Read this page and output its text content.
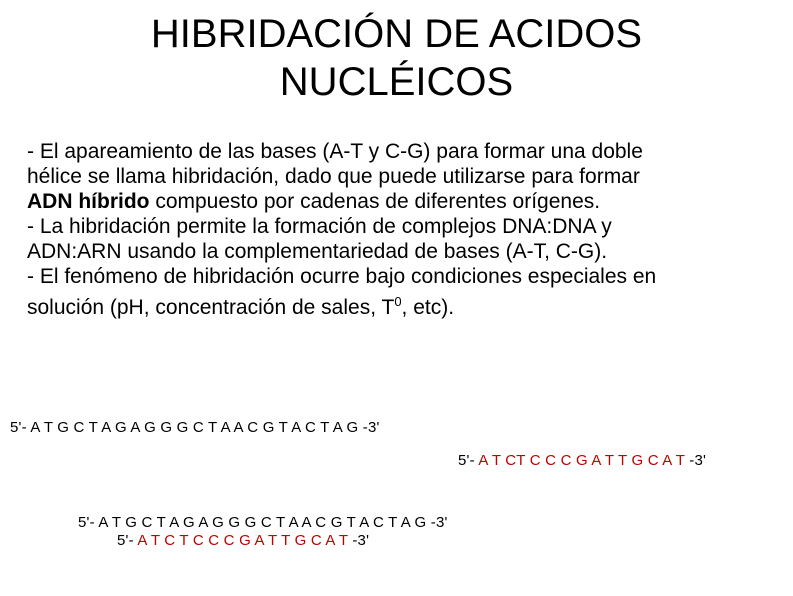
HIBRIDACIÓN DE ACIDOS
NUCLÉICOS
- El apareamiento de las bases (A-T y C-G) para formar una doble
hélice se llama hibridación, dado que puede utilizarse para formar
ADN híbrido compuesto por cadenas de diferentes orígenes.
- La hibridación permite la formación de complejos DNA:DNA y
ADN:ARN usando la complementariedad de bases (A-T, C-G).
- El fenómeno de hibridación ocurre bajo condiciones especiales en
solución (pH, concentración de sales, $T^0$, etc).
5'- A T G C T A G A G G G C T A A C G T A C T A G -3'
5'- A T CT C C C G A T T G C A T -3'
5'- A T G C T A G A G G G C T A A C G T A C T A G -3'
5'- A T C T C C C G A T T G C A T -3'
